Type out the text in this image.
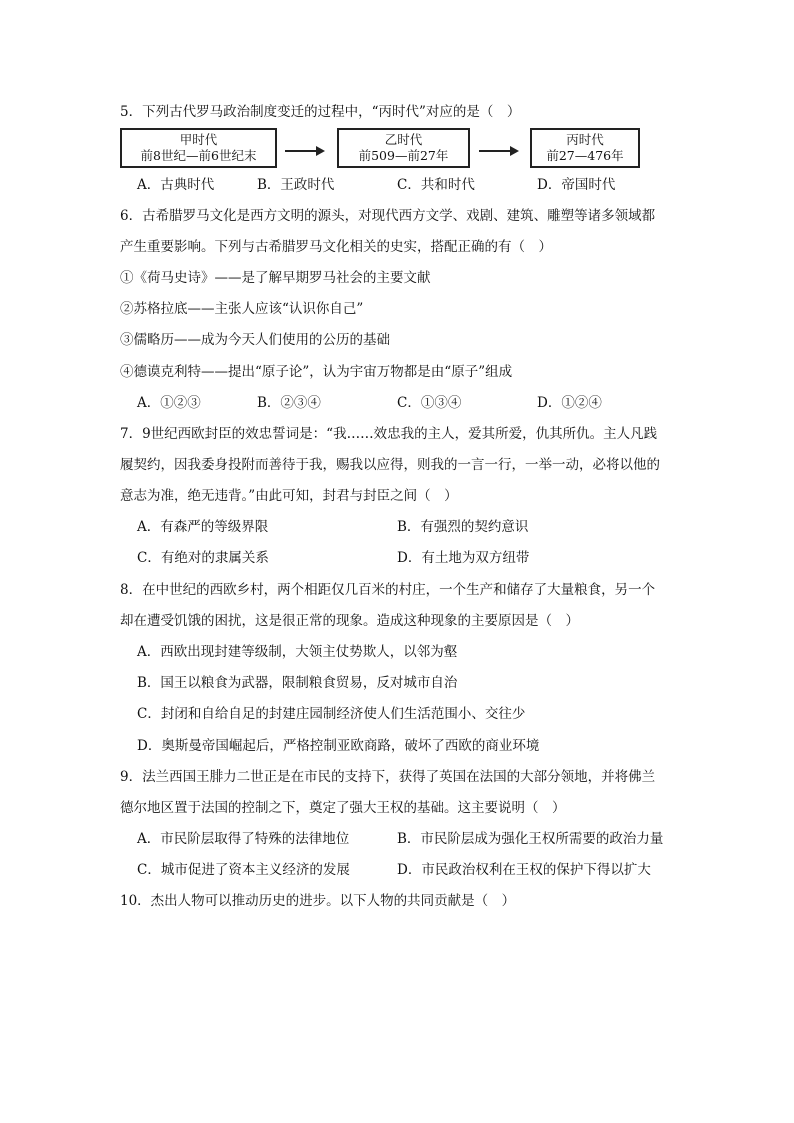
5．下列古代罗马政治制度变迁的过程中，“丙时代”对应的是（　）
甲时代
前8世纪—前6世纪末
乙时代
前509—前27年
丙时代
前27—476年
A．古典时代	B．王政时代	C．共和时代	D．帝国时代
6．古希腊罗马文化是西方文明的源头，对现代西方文学、戏剧、建筑、雕塑等诸多领域都
产生重要影响。下列与古希腊罗马文化相关的史实，搭配正确的有（　）
①《荷马史诗》——是了解早期罗马社会的主要文献
②苏格拉底——主张人应该“认识你自己”
③儒略历——成为今天人们使用的公历的基础
④德谟克利特——提出“原子论”，认为宇宙万物都是由“原子”组成
A．①②③	B．②③④	C．①③④	D．①②④
7．9世纪西欧封臣的效忠誓词是：“我……效忠我的主人，爱其所爱，仇其所仇。主人凡践
履契约，因我委身投附而善待于我，赐我以应得，则我的一言一行，一举一动，必将以他的
意志为准，绝无违背。”由此可知，封君与封臣之间（　）
A．有森严的等级界限	B．有强烈的契约意识
C．有绝对的隶属关系	D．有土地为双方纽带
8．在中世纪的西欧乡村，两个相距仅几百米的村庄，一个生产和储存了大量粮食，另一个
却在遭受饥饿的困扰，这是很正常的现象。造成这种现象的主要原因是（　）
A．西欧出现封建等级制，大领主仗势欺人，以邻为壑
B．国王以粮食为武器，限制粮食贸易，反对城市自治
C．封闭和自给自足的封建庄园制经济使人们生活范围小、交往少
D．奥斯曼帝国崛起后，严格控制亚欧商路，破坏了西欧的商业环境
9．法兰西国王腓力二世正是在市民的支持下，获得了英国在法国的大部分领地，并将佛兰
德尔地区置于法国的控制之下，奠定了强大王权的基础。这主要说明（　）
A．市民阶层取得了特殊的法律地位	B．市民阶层成为强化王权所需要的政治力量
C．城市促进了资本主义经济的发展	D．市民政治权利在王权的保护下得以扩大
10．杰出人物可以推动历史的进步。以下人物的共同贡献是（　）
